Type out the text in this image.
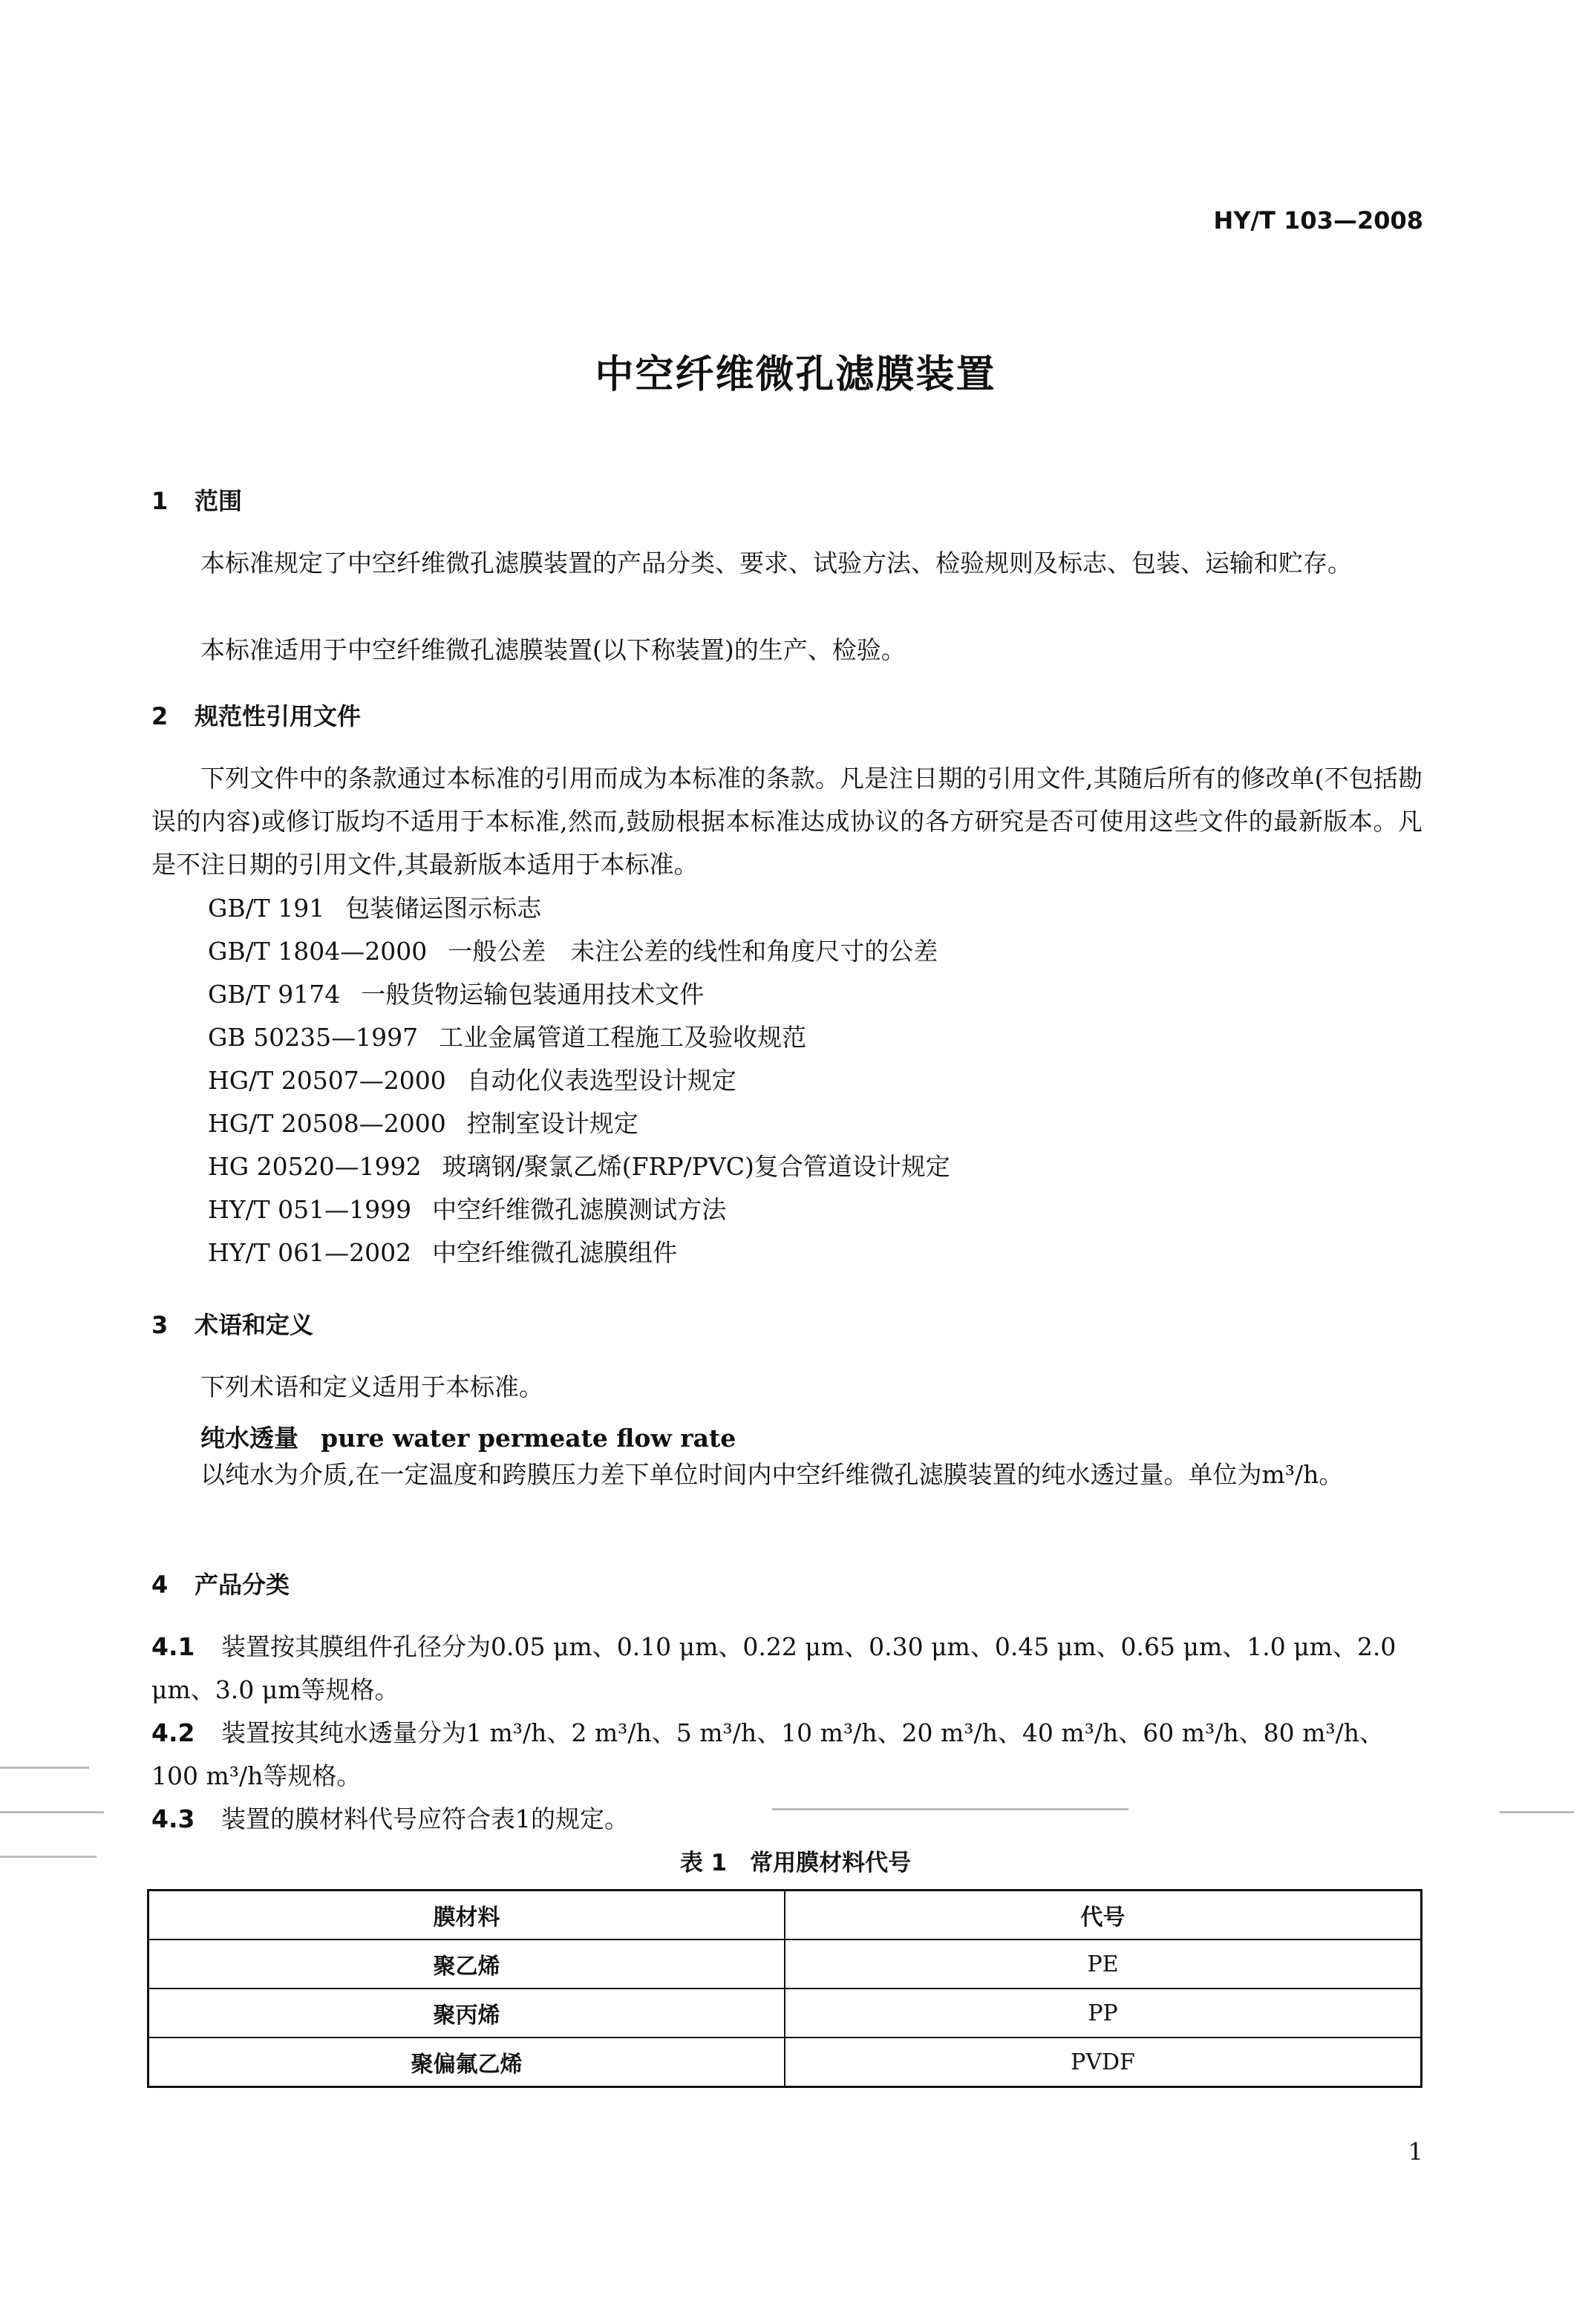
HY/T 103—2008
中空纤维微孔滤膜装置
1 范围
本标准规定了中空纤维微孔滤膜装置的产品分类、要求、试验方法、检验规则及标志、包装、运输和贮存。
本标准适用于中空纤维微孔滤膜装置(以下称装置)的生产、检验。
2 规范性引用文件
下列文件中的条款通过本标准的引用而成为本标准的条款。凡是注日期的引用文件,其随后所有的修改单(不包括勘误的内容)或修订版均不适用于本标准,然而,鼓励根据本标准达成协议的各方研究是否可使用这些文件的最新版本。凡是不注日期的引用文件,其最新版本适用于本标准。
GB/T 191 包装储运图示标志
GB/T 1804—2000 一般公差　未注公差的线性和角度尺寸的公差
GB/T 9174 一般货物运输包装通用技术文件
GB 50235—1997 工业金属管道工程施工及验收规范
HG/T 20507—2000 自动化仪表选型设计规定
HG/T 20508—2000 控制室设计规定
HG 20520—1992 玻璃钢/聚氯乙烯(FRP/PVC)复合管道设计规定
HY/T 051—1999 中空纤维微孔滤膜测试方法
HY/T 061—2002 中空纤维微孔滤膜组件
3 术语和定义
下列术语和定义适用于本标准。
纯水透量 pure water permeate flow rate
以纯水为介质,在一定温度和跨膜压力差下单位时间内中空纤维微孔滤膜装置的纯水透过量。单位为m³/h。
4 产品分类
4.1 装置按其膜组件孔径分为0.05 μm、0.10 μm、0.22 μm、0.30 μm、0.45 μm、0.65 μm、1.0 μm、2.0 μm、3.0 μm等规格。
4.2 装置按其纯水透量分为1 m³/h、2 m³/h、5 m³/h、10 m³/h、20 m³/h、40 m³/h、60 m³/h、80 m³/h、100 m³/h等规格。
4.3 装置的膜材料代号应符合表1的规定。
表 1　常用膜材料代号
膜材料	代号
聚乙烯	PE
聚丙烯	PP
聚偏氟乙烯	PVDF
1
